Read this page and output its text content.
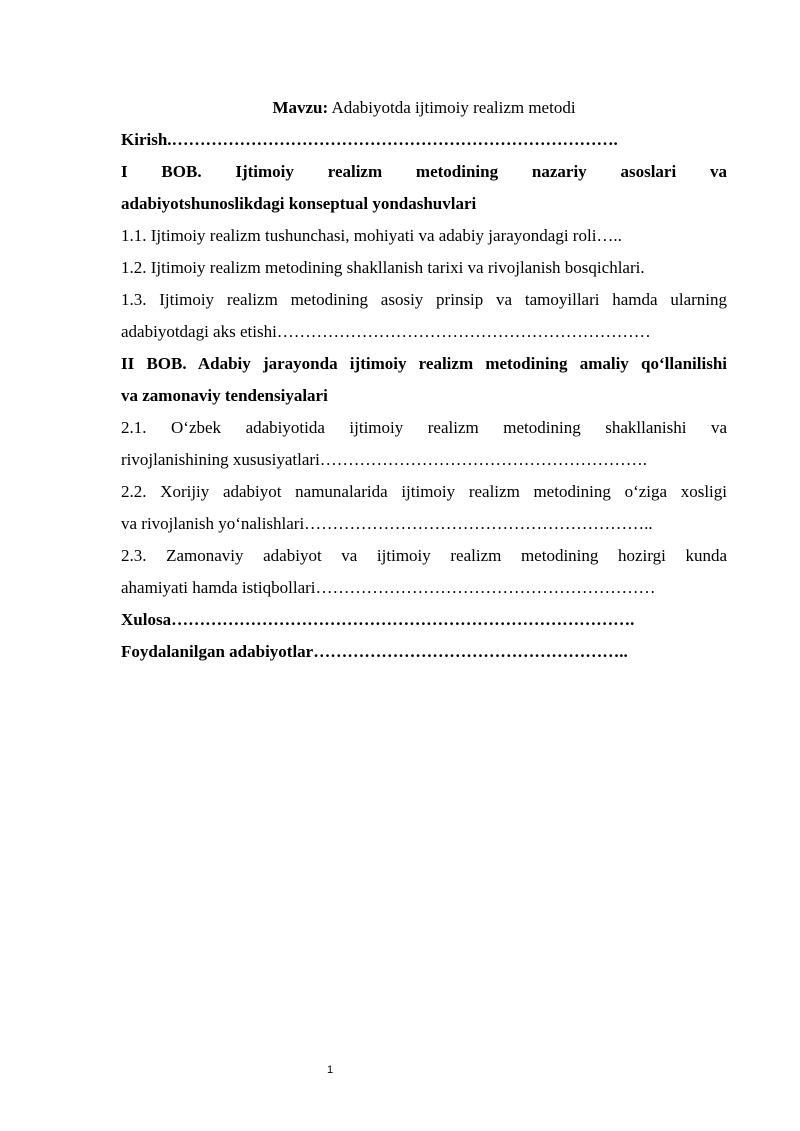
Mavzu: Adabiyotda ijtimoiy realizm metodi
Kirish.…………………………………………………………………….
I BOB. Ijtimoiy realizm metodining nazariy asoslari va
adabiyotshunoslikdagi konseptual yondashuvlari
1.1. Ijtimoiy realizm tushunchasi, mohiyati va adabiy jarayondagi roli…..
1.2. Ijtimoiy realizm metodining shakllanish tarixi va rivojlanish bosqichlari.
1.3. Ijtimoiy realizm metodining asosiy prinsip va tamoyillari hamda ularning
adabiyotdagi aks etishi…………………………………………………………
II BOB. Adabiy jarayonda ijtimoiy realizm metodining amaliy qo‘llanilishi
va zamonaviy tendensiyalari
2.1. O‘zbek adabiyotida ijtimoiy realizm metodining shakllanishi va
rivojlanishining xususiyatlari………………………………………………….
2.2. Xorijiy adabiyot namunalarida ijtimoiy realizm metodining o‘ziga xosligi
va rivojlanish yo‘nalishlari……………………………………………………..
2.3. Zamonaviy adabiyot va ijtimoiy realizm metodining hozirgi kunda
ahamiyati hamda istiqbollari……………………………………………………
Xulosa……………………………………………………………………….
Foydalanilgan adabiyotlar………………………………………………..
1
